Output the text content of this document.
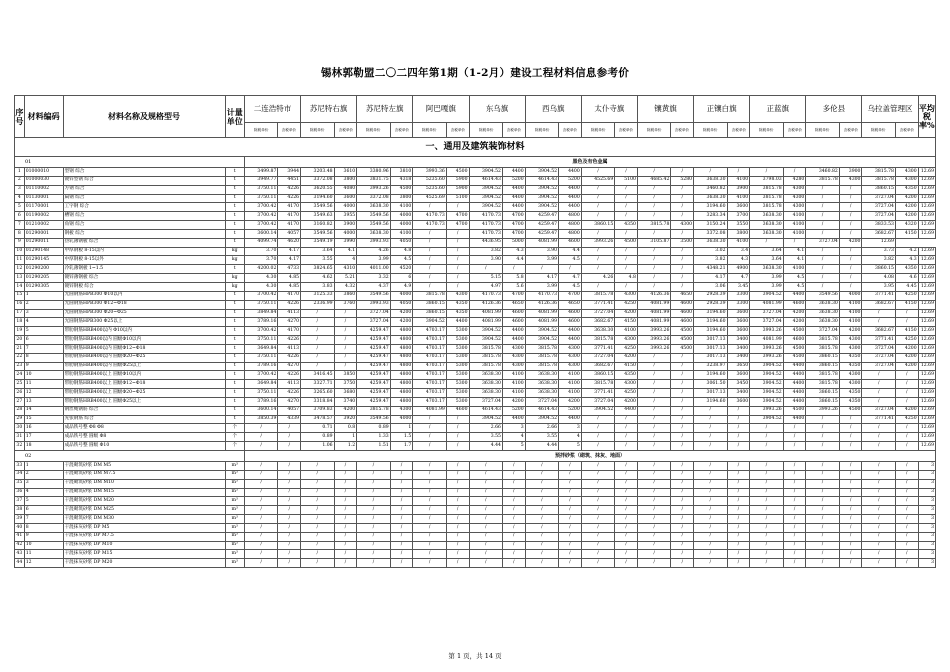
锡林郭勒盟二〇二四年第1期（1-2月）建设工程材料信息参考价
序号	材料编码	材料名称及规格型号	计量单位	二连浩特市		苏尼特右旗		苏尼特左旗		阿巴嘎旗		东乌旗		西乌旗		太仆寺旗		镶黄旗		正镶白旗		正蓝旗		多伦县		乌拉盖管理区		平均税率%

				除税单价	含税单价	除税单价	含税单价	除税单价	含税单价	除税单价	含税单价	除税单价	含税单价	除税单价	含税单价	除税单价	含税单价	除税单价	含税单价	除税单价	含税单价	除税单价	含税单价	除税单价	含税单价	除税单价	含税单价	

一、通用及建筑装饰材料																												
01				黑色及有色金属																								
1	01000010	型钢 综合	t	3499.87	3944	3203.48	3610	3380.96	3810	3993.36	4500	3904.52	4400	3904.52	4400	/	/	/	/	/	/	/	/	3460.82	3900	3815.78	4300	12.69
2	01000030	镀锌型钢 综合	t	3949.77	4451	3372.08	3800	3831.75	4318	5235.60	5900	4614.43	5200	4614.43	5200	4525.69	5100	4685.42	5280	3638.30	4100	3798.03	4280	3815.78	4300	3815.78	4300	12.69
3	01110002	方钢 综合	t	3750.11	4226	3620.55	4080	3993.26	4500	5235.60	5900	3904.52	4400	3904.52	4400	/	/	/	/	3460.82	3900	3815.78	4300	/	/	3860.15	4350	12.69
4	01130001	扁钢 综合	t	3750.11	4226	3194.60	3600	3372.08	3800	4525.69	5100	3904.52	4400	3904.52	4400	/	/	/	/	3638.30	4100	3815.78	4300	/	/	3727.04	4200	12.69
5	01170001	工字钢 综合	t	3700.42	4170	3549.56	4000	3638.30	4100	/	/	3904.52	4400	3904.52	4400	/	/	/	/	3194.60	3600	3815.78	4300	/	/	3727.04	4200	12.69
6	01190002	槽钢 综合	t	3700.42	4170	3549.63	3955	3549.56	4000	4170.73	4700	4170.73	4700	4259.47	4800	/	/	/	/	3283.34	3700	3638.30	4100	/	/	3727.04	4200	12.69
7	01210002	角钢 综合	t	3700.42	4170	3160.82	3900	3549.56	4000	4170.73	4700	4170.73	4700	4259.47	4800	3860.15	4350	3815.78	4300	3150.24	3550	3638.30	4100	/	/	3833.53	4320	12.69
8	01290001	钢板 综合	t	3600.14	4057	3549.56	4000	3638.30	4100	/	/	4170.73	4700	4259.47	4800	/	/	/	/	3372.08	3800	3638.30	4100	/	/	3682.67	4150	12.69
9	01290011	热轧薄钢板 综合	t	4099.74	4620	3549.19	3990	3993.93	4050	/	/	4436.95	5000	4081.99	4600	3993.26	4500	3105.87	3500	3638.30	4100	/	/	3727.04	4200	12.69		
10	01290148	中厚钢板 8-15以内	kg	3.70	4.17	3.64	4.1	4.26	4.8	/	/	3.82	4.3	3.90	4.4	/	/	/	/	3.02	3.4	3.64	4.1	/	/	3.73	4.2	12.69
11	01290145	中厚钢板 8-15以外	kg	3.70	4.17	3.55	4	3.99	4.5	/	/	3.90	4.4	3.99	4.5	/	/	/	/	3.82	4.3	3.64	4.1	/	/	3.82	4.3	12.69
12	01290200	冷轧薄钢板 1~1.5	t	4200.02	4733	3824.65	4310	4011.00	4520	/	/	/	/	/	/	/	/	/	/	4348.21	4900	3638.30	4100	/	/	3860.15	4350	12.69
13	01290205	镀锌薄钢板 综合	kg	4.30	4.85	4.62	5.21	3.32	6	/	/	5.15	5.8	4.17	4.7	4.26	4.8	/	/	4.17	4.7	3.99	4.5	/	/	4.08	4.6	12.69
14	01290305	镀锌钢板 综合	kg	4.30	4.85	3.83	4.32	4.37	4.9	/	/	4.97	5.6	3.99	4.5	/	/	/	/	3.06	3.45	3.99	4.5	/	/	3.95	4.45	12.69
15	1	光圆钢筋HPB300 Φ10以内	t	3700.42	4170	3125.33	3860	3549.56	4000	3815.78	4300	4170.73	4700	4170.73	4700	3815.78	4300	4126.36	4650	2928.39	3300	3904.52	4400	3549.56	4000	3771.41	4250	12.69
16	2	光圆钢筋HPB300 Φ12~Φ18	t	3750.11	4226	2336.99	3760	3993.93	4050	3860.15	4350	4126.36	4650	4126.36	4650	3771.41	4250	4081.99	4600	2928.39	3300	4081.99	4600	3638.30	4100	3682.67	4150	12.69
17	3	光圆钢筋HPB300 Φ20~Φ25	t	3849.84	4113	/	/	3727.04	4200	3860.15	4350	4081.99	4600	4081.99	4600	3727.04	4200	4081.99	4600	3194.60	3600	3727.04	4200	3638.30	4100	/	/	12.69
18	4	光圆钢筋HPB300 Φ25以上	t	3789.16	4270	/	/	3727.04	4200	3904.52	4400	4081.99	4600	4081.99	4600	3682.67	4150	4081.99	4600	3194.60	3600	3727.04	4200	3638.30	4100	/	/	12.69
19	5	带肋钢筋HRB400以内 Φ10以内	t	3700.42	4170	/	/	4259.47	4800	4703.17	5300	3904.52	4400	3904.52	4400	3638.30	4100	3993.26	4500	3194.60	3600	3993.26	4500	3727.04	4200	3682.67	4150	12.69
20	6	带肋钢筋HRB400以内 圆级Φ10以内	t	3750.11	4226	/	/	4259.47	4800	4703.17	5300	3904.52	4400	3904.52	4400	3815.78	4300	3993.26	4500	3017.13	3400	4081.99	4600	3815.78	4300	3771.41	4250	12.69
21	7	带肋钢筋HRB400以内 圆级Φ12~Φ18	t	3649.84	4113	/	/	4259.47	4800	4703.17	5300	3815.78	4300	3815.78	4300	3771.41	4250	3993.26	4500	3017.13	3400	3993.26	4500	3815.78	4300	3727.04	4200	12.69
22	8	带肋钢筋HRB400以内 圆级Φ20~Φ25	t	3750.11	4226	/	/	4259.47	4800	4703.17	5300	3815.78	4300	3815.78	4300	3727.04	4200	/	/	3017.13	3400	3993.26	4500	3860.15	4350	3727.04	4200	12.69
23	9	带肋钢筋HRB400以内 圆级Φ25以上	t	3789.16	4270	/	/	4259.47	4800	4703.17	5300	3815.78	4300	3815.78	4300	3682.67	4150	/	/	3238.97	3650	3904.52	4400	3860.15	4350	3727.04	4200	12.69
24	10	带肋钢筋HRB400以上 圆级Φ10以内	t	3700.42	4226	3416.45	3850	4259.47	4800	4703.17	5300	3638.30	4100	3638.30	4100	3860.15	4350	/	/	3194.60	3600	3904.52	4400	3815.78	4300	/	/	12.69
25	11	带肋钢筋HRB400以上 圆级Φ12~Φ18	t	3649.84	4113	3327.71	3750	4259.47	4800	4703.17	5300	3638.30	4100	3638.30	4100	3815.78	4300	/	/	3061.50	3450	3904.52	4400	3815.78	4300	/	/	12.69
26	12	带肋钢筋HRB400以上 圆级Φ20~Φ25	t	3750.11	4226	3265.60	3680	4259.47	4800	4703.17	5300	3638.30	4100	3638.30	4100	3771.41	4250	/	/	3017.13	3400	3904.52	4400	3860.15	4350	/	/	12.69
27	13	带肋钢筋HRB400以上 圆级Φ25以上	t	3789.16	4270	3318.84	3740	4259.47	4800	4703.17	5300	3727.04	4200	3727.04	4200	3727.04	4200	/	/	3194.60	3600	3904.52	4400	3860.15	4350	/	/	12.69
28	14	钢丝绳钢筋 综合	t	3600.14	4057	3709.83	4200	3815.78	4300	4081.99	4600	4614.43	5200	4614.43	5200	3904.52	4400	/	/	/	/	3993.26	4500	3993.26	4500	3727.04	4200	12.69
29	15	先张钢筋 综合	t	3850.39	4339	3478.57	3920	3549.56	4000	/	/	3904.52	4400	3904.52	4400	/	/	/	/	/	/	3904.52	4400	/	/	3771.41	4250	12.69
30	16	成品铁号整 Φ8 Φ8	个	/	/	0.71	0.8	0.89	1	/	/	2.66	3	2.66	3	/	/	/	/	/	/	/	/	/	/	/	/	12.69
31	17	成品铁号整 圆级 Φ8	个	/	/	0.89	1	1.33	1.5	/	/	3.55	4	3.55	4	/	/	/	/	/	/	/	/	/	/	/	/	12.69
32	18	成品铁号整 圆级 Φ10	个	/	/	1.06	1.2	1.51	1.7	/	/	4.44	5	4.44	5	/	/	/	/	/	/	/	/	/	/	/	/	12.69
02				预拌砂浆（砌筑、抹灰、地面）																								
33	1	干混砌筑砂浆 DM M5	m³	/	/	/	/	/	/	/	/	/	/	/	/	/	/	/	/	/	/	/	/	/	/	/	/	3
34	2	干混砌筑砂浆 DM M7.5	m³	/	/	/	/	/	/	/	/	/	/	/	/	/	/	/	/	/	/	/	/	/	/	/	/	3
35	3	干混砌筑砂浆 DM M10	m³	/	/	/	/	/	/	/	/	/	/	/	/	/	/	/	/	/	/	/	/	/	/	/	/	3
36	4	干混砌筑砂浆 DM M15	m³	/	/	/	/	/	/	/	/	/	/	/	/	/	/	/	/	/	/	/	/	/	/	/	/	3
37	5	干混砌筑砂浆 DM M20	m³	/	/	/	/	/	/	/	/	/	/	/	/	/	/	/	/	/	/	/	/	/	/	/	/	3
38	6	干混砌筑砂浆 DM M25	m³	/	/	/	/	/	/	/	/	/	/	/	/	/	/	/	/	/	/	/	/	/	/	/	/	3
39	7	干混砌筑砂浆 DM M30	m³	/	/	/	/	/	/	/	/	/	/	/	/	/	/	/	/	/	/	/	/	/	/	/	/	3
40	8	干混抹灰砂浆 DP M5	m³	/	/	/	/	/	/	/	/	/	/	/	/	/	/	/	/	/	/	/	/	/	/	/	/	3
41	9	干混抹灰砂浆 DP M7.5	m³	/	/	/	/	/	/	/	/	/	/	/	/	/	/	/	/	/	/	/	/	/	/	/	/	3
42	10	干混抹灰砂浆 DP M10	m³	/	/	/	/	/	/	/	/	/	/	/	/	/	/	/	/	/	/	/	/	/	/	/	/	3
43	11	干混抹灰砂浆 DP M15	m³	/	/	/	/	/	/	/	/	/	/	/	/	/	/	/	/	/	/	/	/	/	/	/	/	3
44	12	干混抹灰砂浆 DP M20	m³	/	/	/	/	/	/	/	/	/	/	/	/	/	/	/	/	/	/	/	/	/	/	/	/	3
第 1 页，共 14 页
